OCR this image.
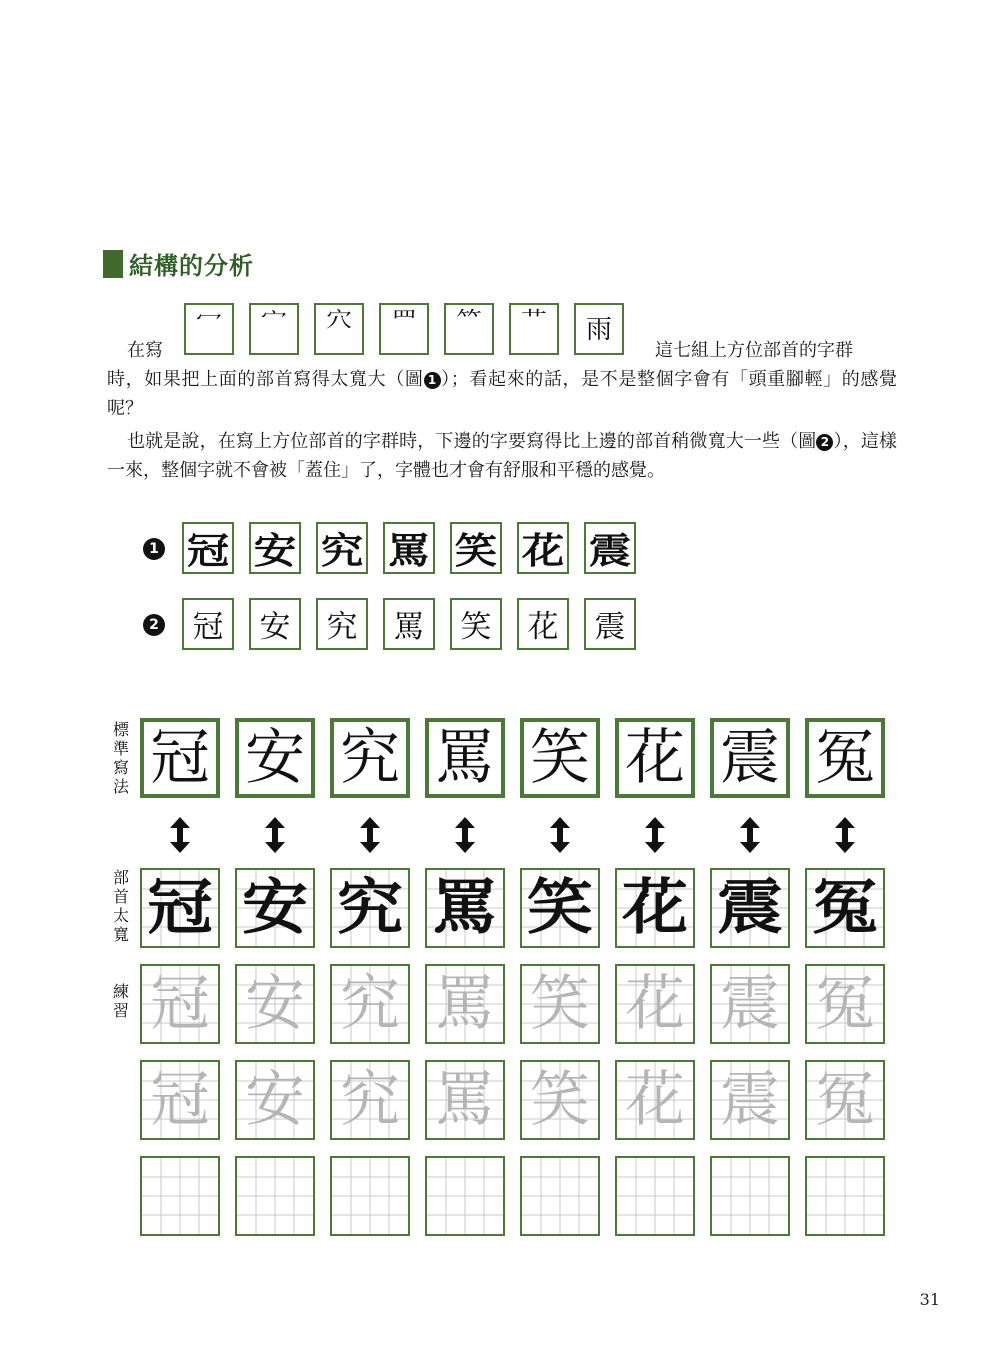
結構的分析
冖	宀	穴	罒	𥫗	艹	雨
在寫	這七組上方位部首的字群
時，如果把上面的部首寫得太寬大（圖 1 ）；看起來的話，是不是整個字會有「頭重腳輕」的感覺呢？
也就是說，在寫上方位部首的字群時，下邊的字要寫得比上邊的部首稍微寬大一些（圖 2 ），這樣一來，整個字就不會被「蓋住」了，字體也才會有舒服和平穩的感覺。
1 冠 安 究 罵 笑 花 震
2 冠 安 究 罵 笑 花 震
標準寫法
部首太寬
練習
冠 安 究 罵 笑 花 震 冤
冠 安 究 罵 笑 花 震 冤
冠 安 究 罵 笑 花 震 冤
冠 安 究 罵 笑 花 震 冤
31
